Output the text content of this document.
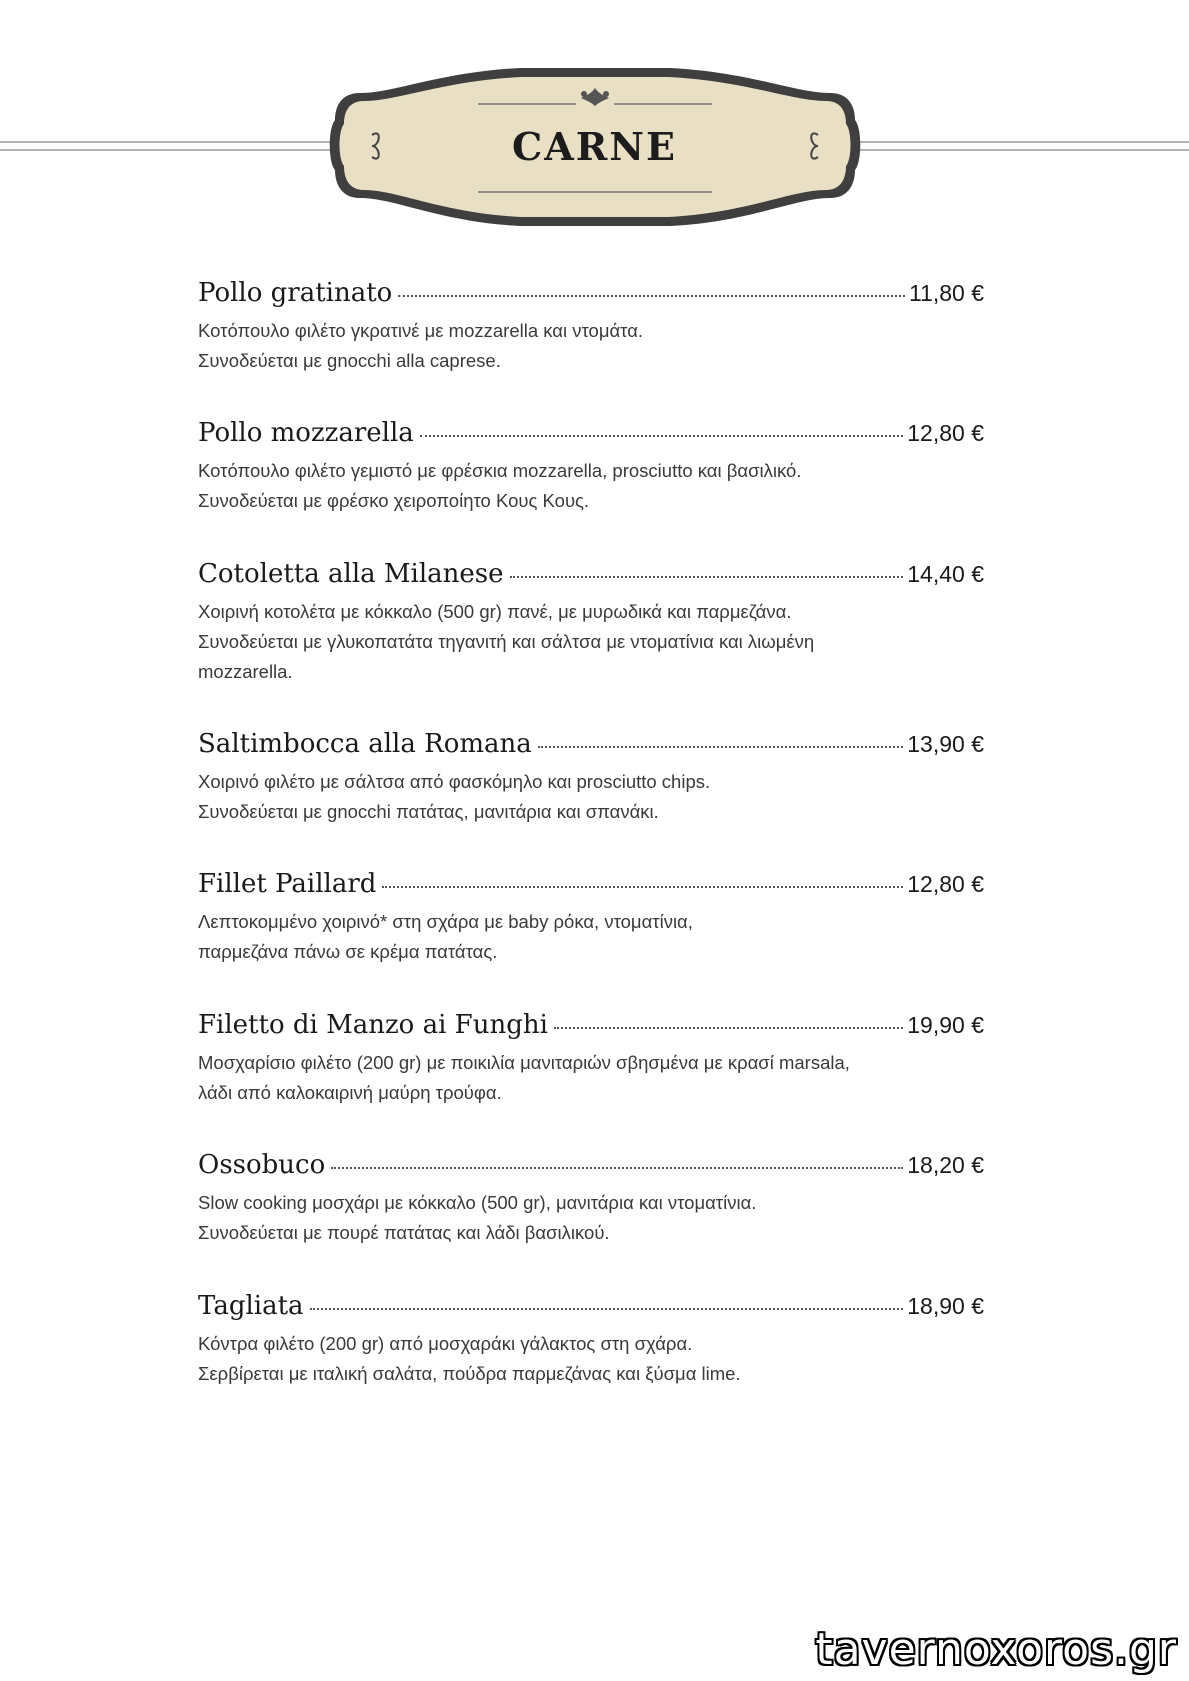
CARNE
Pollo gratinato	11,80 €
Κοτόπουλο φιλέτο γκρατινέ με mozzarella και ντομάτα.
Συνοδεύεται με gnocchi alla caprese.
Pollo mozzarella	12,80 €
Κοτόπουλο φιλέτο γεμιστό με φρέσκια mozzarella, prosciutto και βασιλικό.
Συνοδεύεται με φρέσκο χειροποίητο Κους Κους.
Cotoletta alla Milanese	14,40 €
Χοιρινή κοτολέτα με κόκκαλο (500 gr) πανέ, με μυρωδικά και παρμεζάνα.
Συνοδεύεται με γλυκοπατάτα τηγανιτή και σάλτσα με ντοματίνια και λιωμένη
mozzarella.
Saltimbocca alla Romana	13,90 €
Χοιρινό φιλέτο με σάλτσα από φασκόμηλο και prosciutto chips.
Συνοδεύεται με gnocchi πατάτας, μανιτάρια και σπανάκι.
Fillet Paillard	12,80 €
Λεπτοκομμένο χοιρινό* στη σχάρα με baby ρόκα, ντοματίνια,
παρμεζάνα πάνω σε κρέμα πατάτας.
Filetto di Manzo ai Funghi	19,90 €
Μοσχαρίσιο φιλέτο (200 gr) με ποικιλία μανιταριών σβησμένα με κρασί marsala,
λάδι από καλοκαιρινή μαύρη τρούφα.
Ossobuco	18,20 €
Slow cooking μοσχάρι με κόκκαλο (500 gr), μανιτάρια και ντοματίνια.
Συνοδεύεται με πουρέ πατάτας και λάδι βασιλικού.
Tagliata	18,90 €
Κόντρα φιλέτο (200 gr) από μοσχαράκι γάλακτος στη σχάρα.
Σερβίρεται με ιταλική σαλάτα, πούδρα παρμεζάνας και ξύσμα lime.
tavernoxoros.gr
